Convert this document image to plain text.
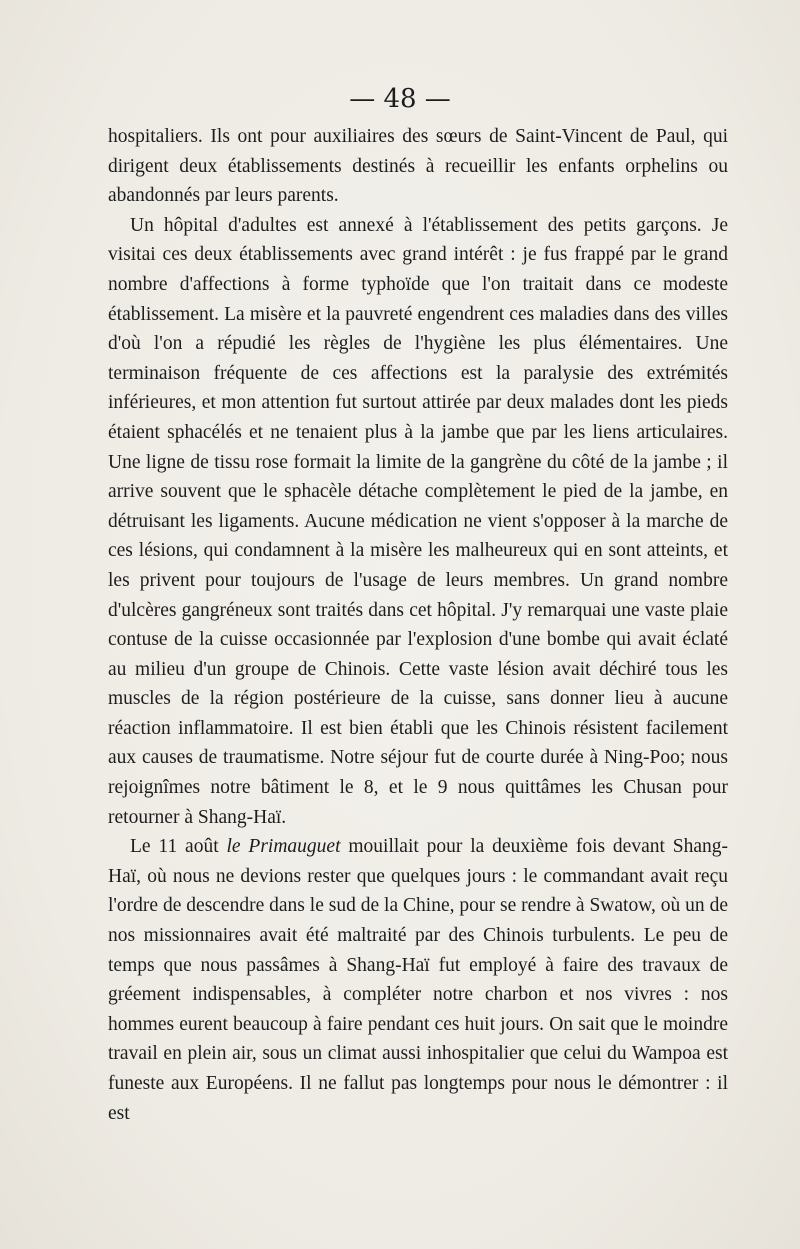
— 48 —

hospitaliers. Ils ont pour auxiliaires des sœurs de Saint-Vincent de Paul, qui dirigent deux établissements destinés à recueillir les enfants orphelins ou abandonnés par leurs parents.

Un hôpital d'adultes est annexé à l'établissement des petits garçons. Je visitai ces deux établissements avec grand intérêt : je fus frappé par le grand nombre d'affections à forme typhoïde que l'on traitait dans ce modeste établissement. La misère et la pauvreté engendrent ces maladies dans des villes d'où l'on a répudié les règles de l'hygiène les plus élémentaires. Une terminaison fréquente de ces affections est la paralysie des extrémités inférieures, et mon attention fut surtout attirée par deux malades dont les pieds étaient sphacélés et ne tenaient plus à la jambe que par les liens articulaires. Une ligne de tissu rose formait la limite de la gangrène du côté de la jambe ; il arrive souvent que le sphacèle détache complètement le pied de la jambe, en détruisant les ligaments. Aucune médication ne vient s'opposer à la marche de ces lésions, qui condamnent à la misère les malheureux qui en sont atteints, et les privent pour toujours de l'usage de leurs membres. Un grand nombre d'ulcères gangréneux sont traités dans cet hôpital. J'y remarquai une vaste plaie contuse de la cuisse occasionnée par l'explosion d'une bombe qui avait éclaté au milieu d'un groupe de Chinois. Cette vaste lésion avait déchiré tous les muscles de la région postérieure de la cuisse, sans donner lieu à aucune réaction inflammatoire. Il est bien établi que les Chinois résistent facilement aux causes de traumatisme. Notre séjour fut de courte durée à Ning-Poo; nous rejoignîmes notre bâtiment le 8, et le 9 nous quittâmes les Chusan pour retourner à Shang-Haï.

Le 11 août le Primauguet mouillait pour la deuxième fois devant Shang-Haï, où nous ne devions rester que quelques jours : le commandant avait reçu l'ordre de descendre dans le sud de la Chine, pour se rendre à Swatow, où un de nos missionnaires avait été maltraité par des Chinois turbulents. Le peu de temps que nous passâmes à Shang-Haï fut employé à faire des travaux de gréement indispensables, à compléter notre charbon et nos vivres : nos hommes eurent beaucoup à faire pendant ces huit jours. On sait que le moindre travail en plein air, sous un climat aussi inhospitalier que celui du Wampoa est funeste aux Européens. Il ne fallut pas longtemps pour nous le démontrer : il est
